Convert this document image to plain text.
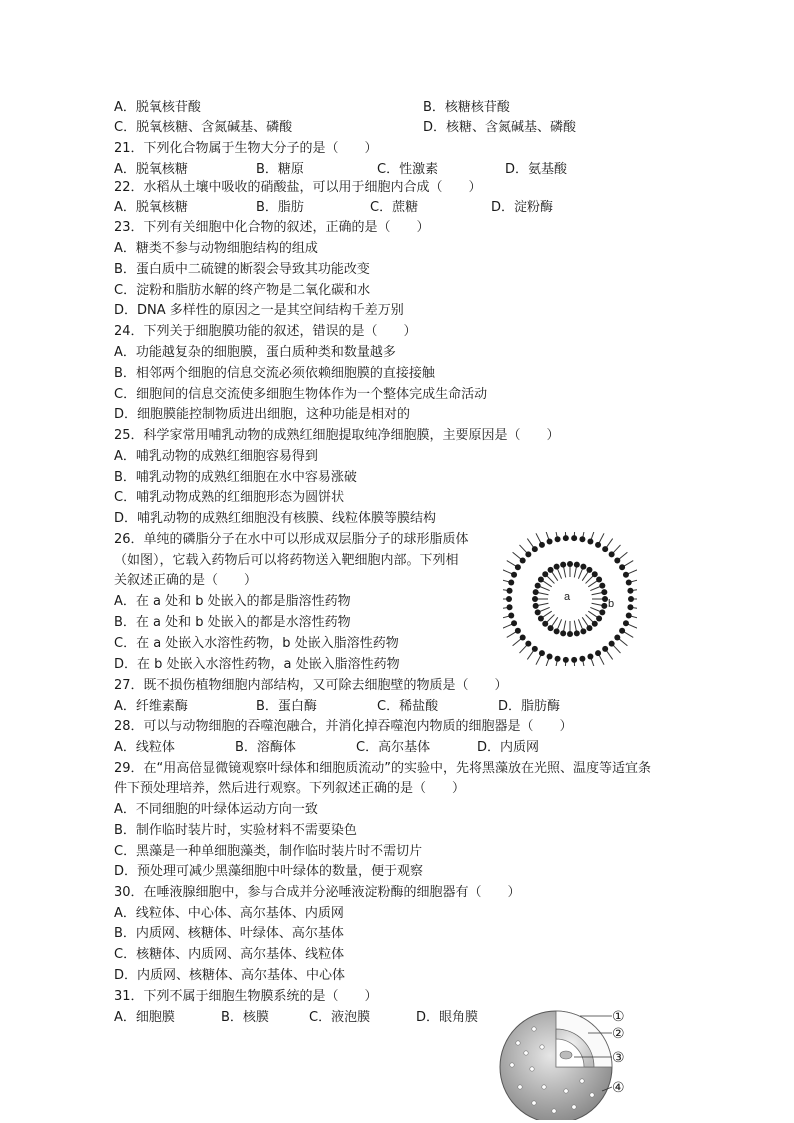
A．脱氧核苷酸	B．核糖核苷酸
C．脱氧核糖、含氮碱基、磷酸	D．核糖、含氮碱基、磷酸
21．下列化合物属于生物大分子的是（　　）
A．脱氧核糖	B．糖原	C．性激素	D．氨基酸
22．水稻从土壤中吸收的硝酸盐，可以用于细胞内合成（　　）
A．脱氧核糖	B．脂肪	C．蔗糖	D．淀粉酶
23．下列有关细胞中化合物的叙述，正确的是（　　）
A．糖类不参与动物细胞结构的组成
B．蛋白质中二硫键的断裂会导致其功能改变
C．淀粉和脂肪水解的终产物是二氧化碳和水
D．DNA 多样性的原因之一是其空间结构千差万别
24．下列关于细胞膜功能的叙述，错误的是（　　）
A．功能越复杂的细胞膜，蛋白质种类和数量越多
B．相邻两个细胞的信息交流必须依赖细胞膜的直接接触
C．细胞间的信息交流使多细胞生物体作为一个整体完成生命活动
D．细胞膜能控制物质进出细胞，这种功能是相对的
25．科学家常用哺乳动物的成熟红细胞提取纯净细胞膜，主要原因是（　　）
A．哺乳动物的成熟红细胞容易得到
B．哺乳动物的成熟红细胞在水中容易涨破
C．哺乳动物成熟的红细胞形态为圆饼状
D．哺乳动物的成熟红细胞没有核膜、线粒体膜等膜结构
26．单纯的磷脂分子在水中可以形成双层脂分子的球形脂质体
（如图），它载入药物后可以将药物送入靶细胞内部。下列相
关叙述正确的是（　　）
A．在 a 处和 b 处嵌入的都是脂溶性药物
B．在 a 处和 b 处嵌入的都是水溶性药物
C．在 a 处嵌入水溶性药物，b 处嵌入脂溶性药物
D．在 b 处嵌入水溶性药物，a 处嵌入脂溶性药物
a
b
27．既不损伤植物细胞内部结构，又可除去细胞壁的物质是（　　）
A．纤维素酶	B．蛋白酶	C．稀盐酸	D．脂肪酶
28．可以与动物细胞的吞噬泡融合，并消化掉吞噬泡内物质的细胞器是（　　）
A．线粒体	B．溶酶体	C．高尔基体	D．内质网
29．在“用高倍显微镜观察叶绿体和细胞质流动”的实验中，先将黑藻放在光照、温度等适宜条
件下预处理培养，然后进行观察。下列叙述正确的是（　　）
A．不同细胞的叶绿体运动方向一致
B．制作临时装片时，实验材料不需要染色
C．黑藻是一种单细胞藻类，制作临时装片时不需切片
D．预处理可减少黑藻细胞中叶绿体的数量，便于观察
30．在唾液腺细胞中，参与合成并分泌唾液淀粉酶的细胞器有（　　）
A．线粒体、中心体、高尔基体、内质网
B．内质网、核糖体、叶绿体、高尔基体
C．核糖体、内质网、高尔基体、线粒体
D．内质网、核糖体、高尔基体、中心体
31．下列不属于细胞生物膜系统的是（　　）
A．细胞膜	B．核膜	C．液泡膜	D．眼角膜	①
②
③
④
